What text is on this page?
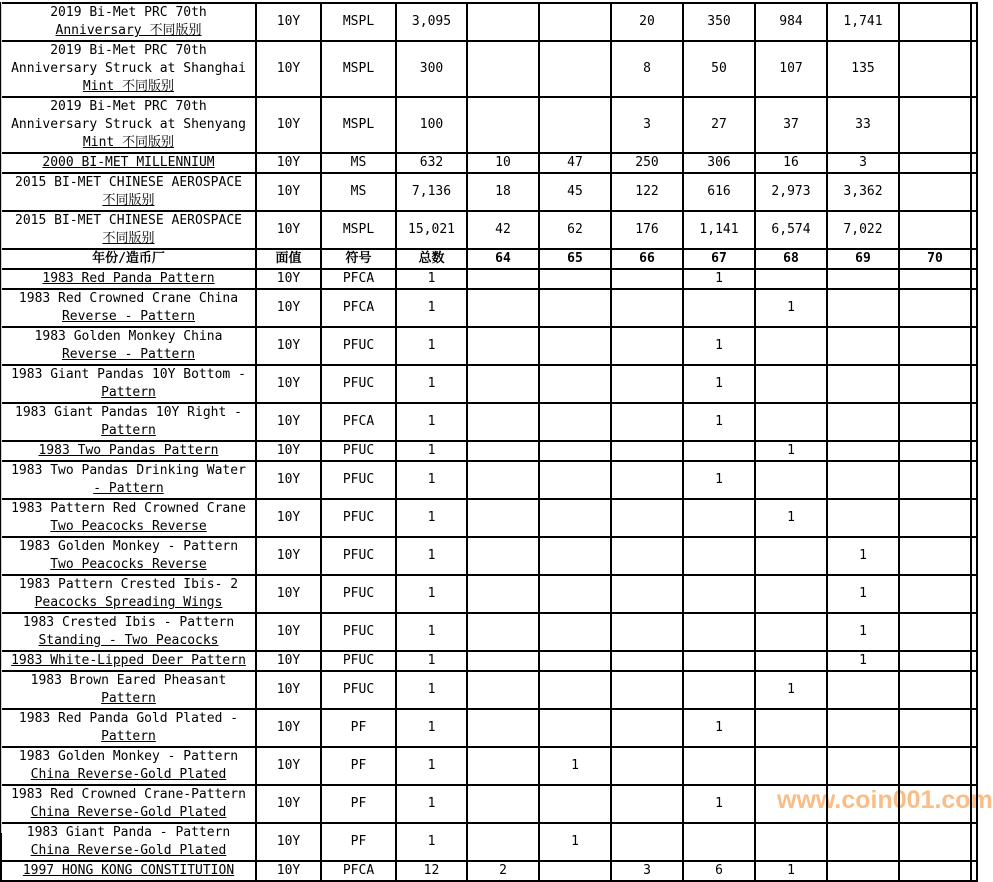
www.coin001.com
2019 Bi-Met PRC 70th
Anniversary 不同版别	10Y	MSPL	3,095			20	350	984	1,741		

2019 Bi-Met PRC 70th
Anniversary Struck at Shanghai
Mint 不同版别	10Y	MSPL	300			8	50	107	135		

2019 Bi-Met PRC 70th
Anniversary Struck at Shenyang
Mint 不同版别	10Y	MSPL	100			3	27	37	33		

2000 BI-MET MILLENNIUM	10Y	MS	632	10	47	250	306	16	3		

2015 BI-MET CHINESE AEROSPACE
不同版别	10Y	MS	7,136	18	45	122	616	2,973	3,362		

2015 BI-MET CHINESE AEROSPACE
不同版别	10Y	MSPL	15,021	42	62	176	1,141	6,574	7,022		
年份/造币厂	面值	符号	总数	64	65	66	67	68	69	70	

1983 Red Panda Pattern	10Y	PFCA	1				1				

1983 Red Crowned Crane China
Reverse - Pattern	10Y	PFCA	1					1			

1983 Golden Monkey China
Reverse - Pattern	10Y	PFUC	1				1				

1983 Giant Pandas 10Y Bottom -
Pattern	10Y	PFUC	1				1				

1983 Giant Pandas 10Y Right -
Pattern	10Y	PFCA	1				1				

1983 Two Pandas Pattern	10Y	PFUC	1					1			

1983 Two Pandas Drinking Water
- Pattern	10Y	PFUC	1				1				

1983 Pattern Red Crowned Crane
Two Peacocks Reverse	10Y	PFUC	1					1			

1983 Golden Monkey - Pattern
Two Peacocks Reverse	10Y	PFUC	1						1		

1983 Pattern Crested Ibis- 2
Peacocks Spreading Wings	10Y	PFUC	1						1		

1983 Crested Ibis - Pattern
Standing - Two Peacocks	10Y	PFUC	1						1		

1983 White-Lipped Deer Pattern	10Y	PFUC	1						1		

1983 Brown Eared Pheasant
Pattern	10Y	PFUC	1					1			

1983 Red Panda Gold Plated -
Pattern	10Y	PF	1				1				

1983 Golden Monkey - Pattern
China Reverse-Gold Plated	10Y	PF	1		1						

1983 Red Crowned Crane-Pattern
China Reverse-Gold Plated	10Y	PF	1				1				

1983 Giant Panda - Pattern
China Reverse-Gold Plated	10Y	PF	1		1						

1997 HONG KONG CONSTITUTION	10Y	PFCA	12	2		3	6	1			
